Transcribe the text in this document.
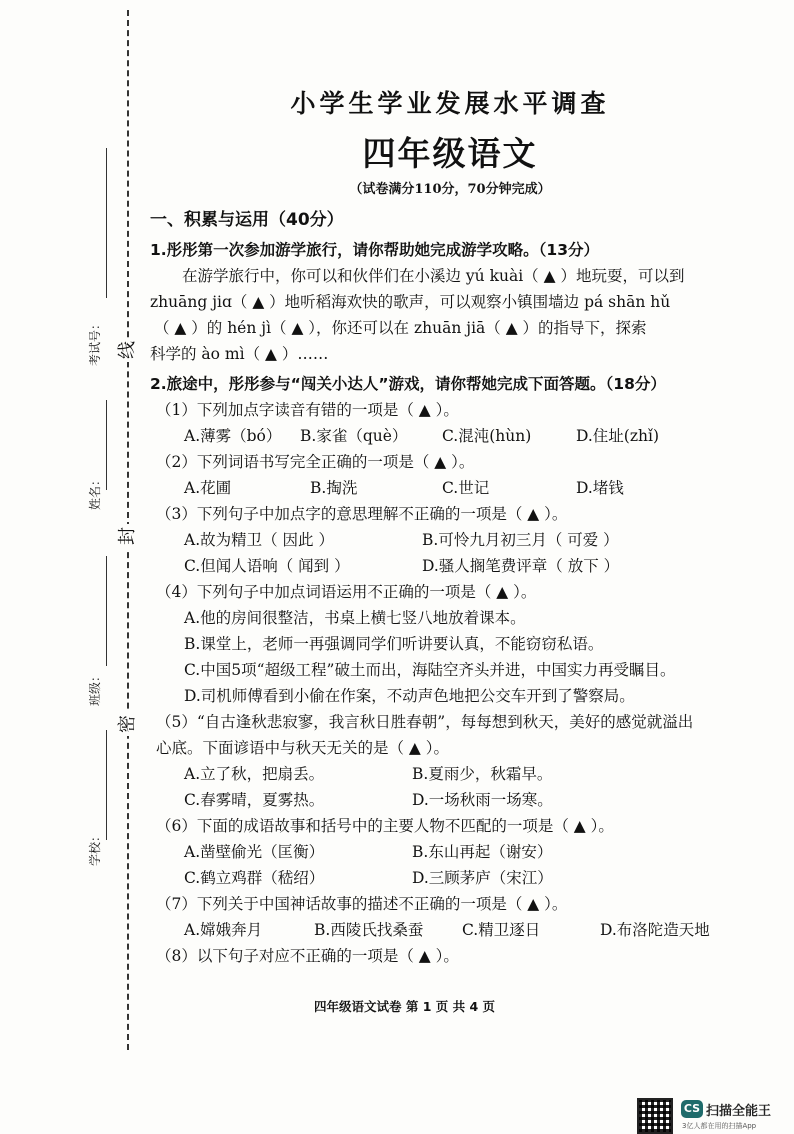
线
封
密
考试号：
姓名：
班级：
学校：
小学生学业发展水平调查
四年级语文
（试卷满分110分，70分钟完成）
一、积累与运用（40分）
1.彤彤第一次参加游学旅行，请你帮助她完成游学攻略。（13分）
在游学旅行中，你可以和伙伴们在小溪边 yú kuài（ ▲ ）地玩耍，可以到
zhuāng jiɑ（ ▲ ）地听稻海欢快的歌声，可以观察小镇围墙边 pá shān hǔ
（ ▲ ）的 hén jì（ ▲ ），你还可以在 zhuān jiā（ ▲ ）的指导下，探索
科学的 ào mì（ ▲ ）……
2.旅途中，彤彤参与“闯关小达人”游戏，请你帮她完成下面答题。（18分）
（1）下列加点字读音有错的一项是（ ▲ ）。
A.薄雾（bó） B.家雀（què） C.混沌(hùn)	D.住址(zhǐ)
（2）下列词语书写完全正确的一项是（ ▲ ）。
A.花圃	B.掏洗	C.世记	D.堵钱
（3）下列句子中加点字的意思理解不正确的一项是（ ▲ ）。
A.故为精卫（ 因此 ）	B.可怜九月初三月（ 可爱 ）
C.但闻人语响（ 闻到 ）	D.骚人搁笔费评章（ 放下 ）
（4）下列句子中加点词语运用不正确的一项是（ ▲ ）。
A.他的房间很整洁，书桌上横七竖八地放着课本。
B.课堂上，老师一再强调同学们听讲要认真，不能窃窃私语。
C.中国5项“超级工程”破土而出，海陆空齐头并进，中国实力再受瞩目。
D.司机师傅看到小偷在作案，不动声色地把公交车开到了警察局。
（5）“自古逢秋悲寂寥，我言秋日胜春朝”，每每想到秋天，美好的感觉就溢出
心底。下面谚语中与秋天无关的是（ ▲ ）。
A.立了秋，把扇丢。	B.夏雨少，秋霜早。
C.春雾晴，夏雾热。	D.一场秋雨一场寒。
（6）下面的成语故事和括号中的主要人物不匹配的一项是（ ▲ ）。
A.凿壁偷光（匡衡）	B.东山再起（谢安）
C.鹤立鸡群（嵇绍）	D.三顾茅庐（宋江）
（7）下列关于中国神话故事的描述不正确的一项是（ ▲ ）。
A.嫦娥奔月	B.西陵氏找桑蚕 C.精卫逐日	D.布洛陀造天地
（8）以下句子对应不正确的一项是（ ▲ ）。
四年级语文试卷 第 1 页 共 4 页
CS 扫描全能王
3亿人都在用的扫描App
